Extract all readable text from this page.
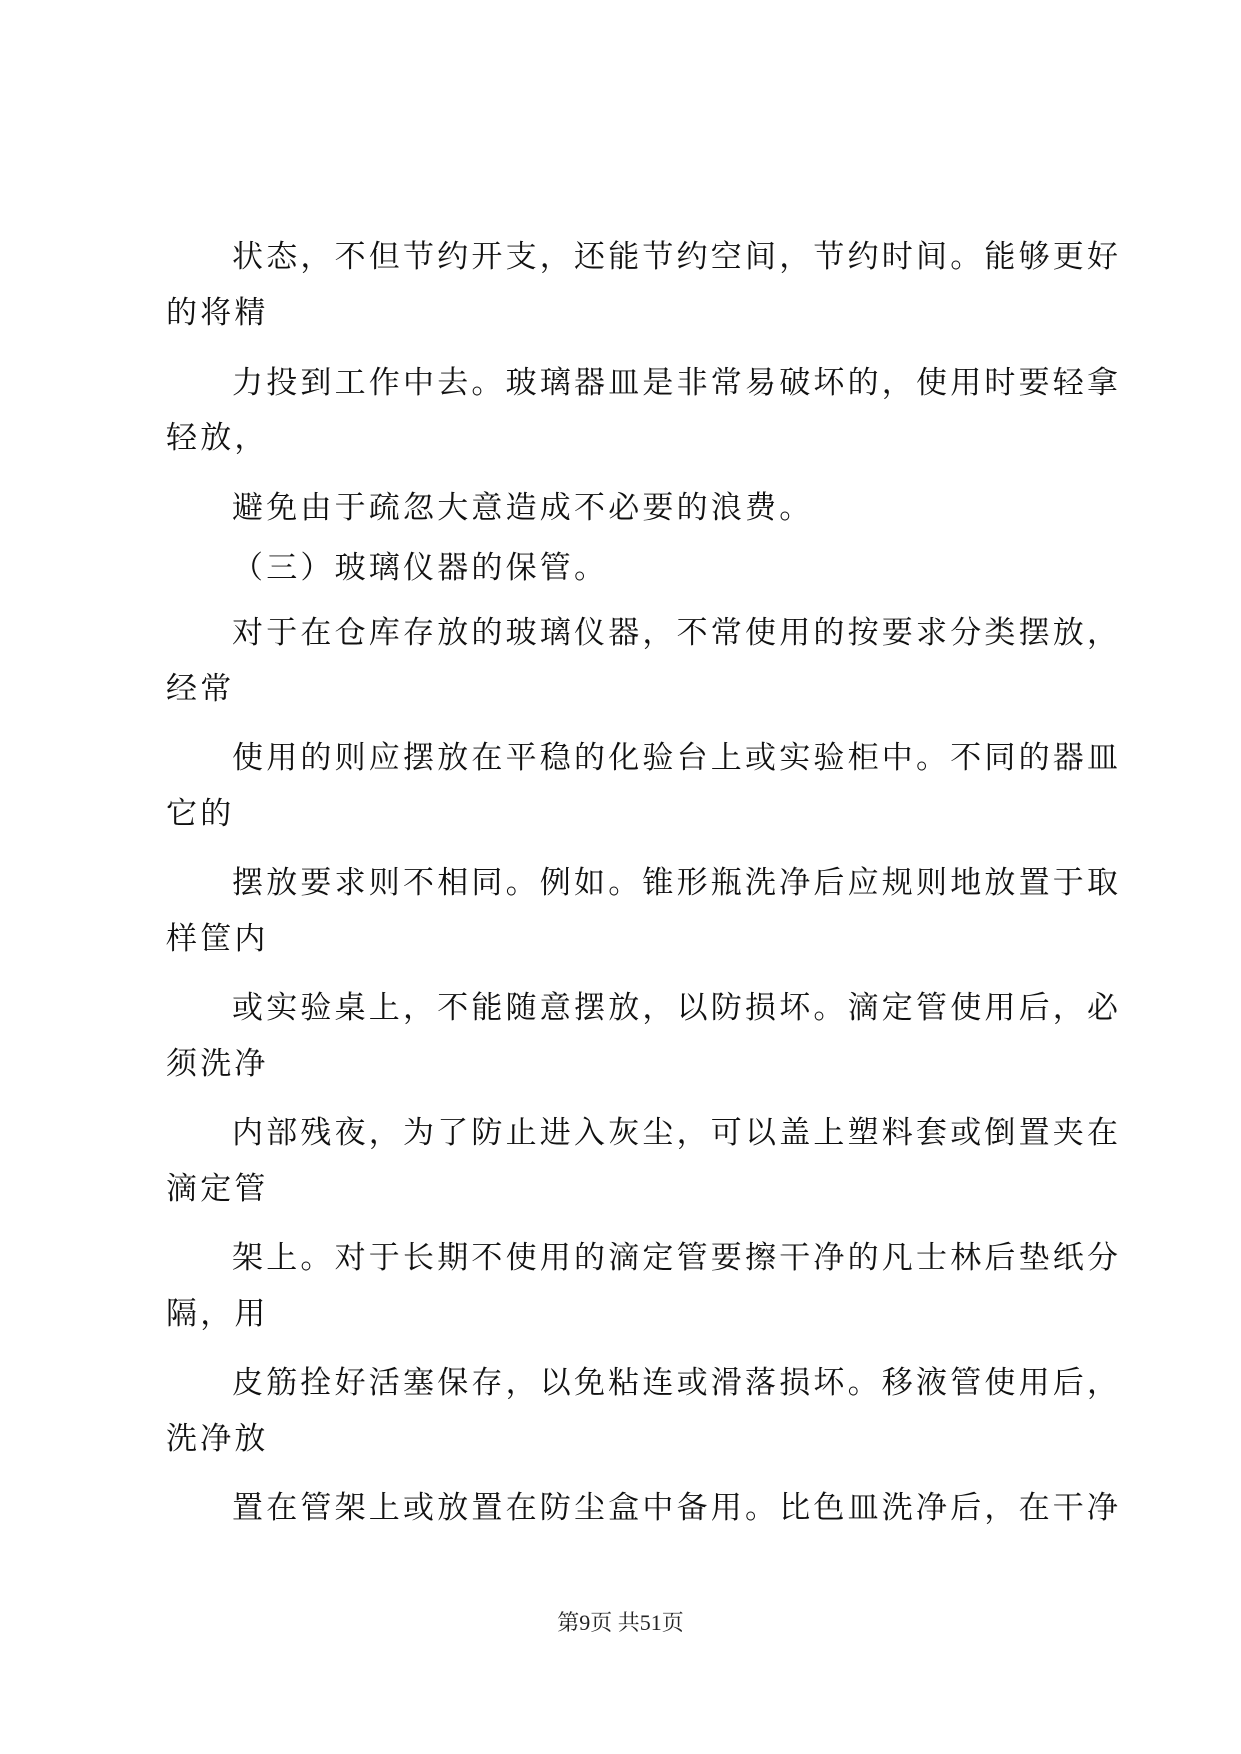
状态，不但节约开支，还能节约空间，节约时间。能够更好
的将精
力投到工作中去。玻璃器皿是非常易破坏的，使用时要轻拿
轻放，
避免由于疏忽大意造成不必要的浪费。
（三）玻璃仪器的保管。
对于在仓库存放的玻璃仪器，不常使用的按要求分类摆放，
经常
使用的则应摆放在平稳的化验台上或实验柜中。不同的器皿
它的
摆放要求则不相同。例如。锥形瓶洗净后应规则地放置于取
样筐内
或实验桌上，不能随意摆放，以防损坏。滴定管使用后，必
须洗净
内部残夜，为了防止进入灰尘，可以盖上塑料套或倒置夹在
滴定管
架上。对于长期不使用的滴定管要擦干净的凡士林后垫纸分
隔，用
皮筋拴好活塞保存，以免粘连或滑落损坏。移液管使用后，
洗净放
置在管架上或放置在防尘盒中备用。比色皿洗净后，在干净
第9页 共51页
